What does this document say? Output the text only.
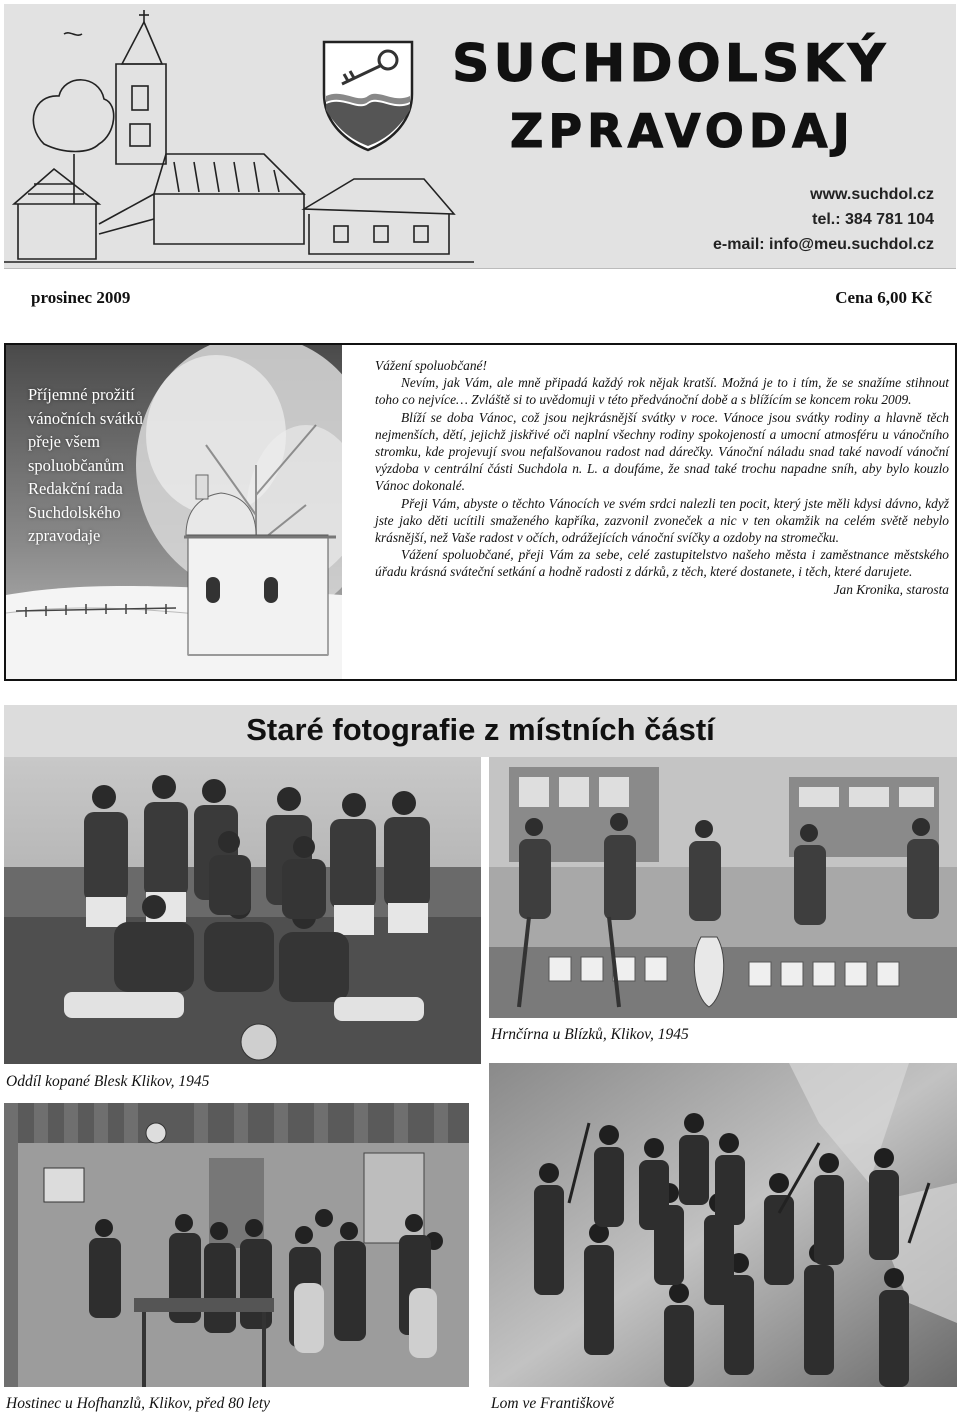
SUCHDOLSKÝ
ZPRAVODAJ
www.suchdol.cz
tel.: 384 781 104
e-mail: info@meu.suchdol.cz
prosinec 2009	Cena 6,00 Kč
Příjemné prožití
vánočních svátků
přeje všem
spoluobčanům
Redakční rada
Suchdolského
zpravodaje

Vážení spoluobčané!

Nevím, jak Vám, ale mně připadá každý rok nějak kratší. Možná je to i tím, že se snažíme stihnout toho co nejvíce… Zvláště si to uvědomuji v této předvánoční době a s blížícím se koncem roku 2009.

Blíží se doba Vánoc, což jsou nejkrásnější svátky v roce. Vánoce jsou svátky rodiny a hlavně těch nejmenších, dětí, jejichž jiskřivé oči naplní všechny rodiny spokojeností a umocní atmosféru u vánočního stromku, kde projevují svou nefalšovanou radost nad dárečky. Vánoční náladu snad také navodí vánoční výzdoba v centrální části Suchdola n. L. a doufáme, že snad také trochu napadne sníh, aby bylo kouzlo Vánoc dokonalé.

Přeji Vám, abyste o těchto Vánocích ve svém srdci nalezli ten pocit, který jste měli kdysi dávno, když jste jako děti ucítili smaženého kapříka, zazvonil zvoneček a nic v ten okamžik na celém světě nebylo krásnější, než Vaše radost v očích, odrážejících vánoční svíčky a ozdoby na stromečku.

Vážení spoluobčané, přeji Vám za sebe, celé zastupitelstvo našeho města i zaměstnance městského úřadu krásná sváteční setkání a hodně radosti z dárků, z těch, které dostanete, i těch, které darujete.
Jan Kronika, starosta

Staré fotografie z místních částí
Oddíl kopané Blesk Klikov, 1945
Hrnčírna u Blízků, Klikov, 1945
Hostinec u Hofhanzlů, Klikov, před 80 lety	Lom ve Františkově
